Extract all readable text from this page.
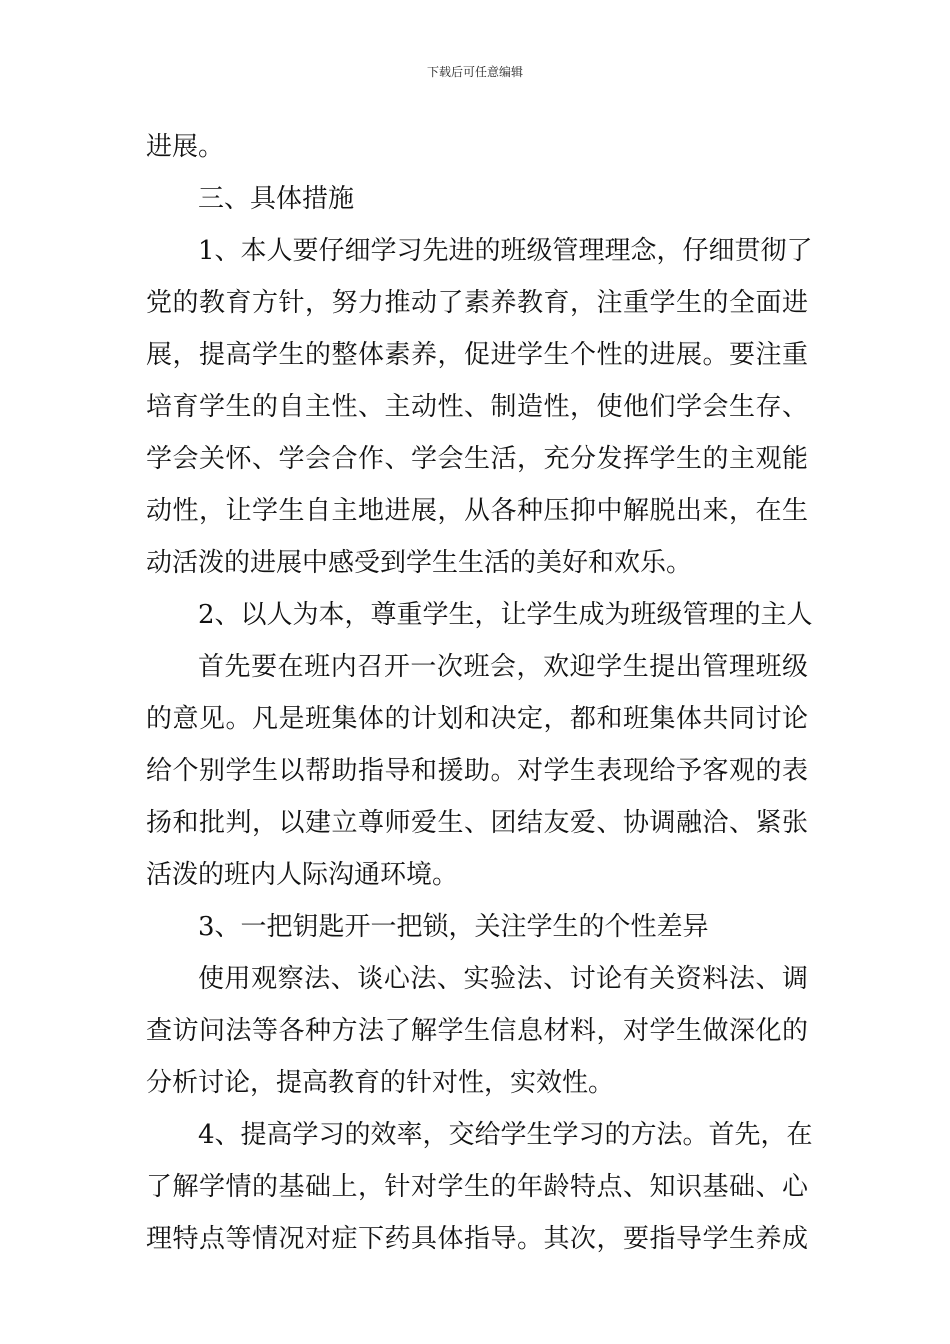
下载后可任意编辑
进展。
三、具体措施
1、本人要仔细学习先进的班级管理理念，仔细贯彻了
党的教育方针，努力推动了素养教育，注重学生的全面进
展，提高学生的整体素养，促进学生个性的进展。要注重
培育学生的自主性、主动性、制造性，使他们学会生存、
学会关怀、学会合作、学会生活，充分发挥学生的主观能
动性，让学生自主地进展，从各种压抑中解脱出来，在生
动活泼的进展中感受到学生生活的美好和欢乐。
2、以人为本，尊重学生，让学生成为班级管理的主人
首先要在班内召开一次班会，欢迎学生提出管理班级
的意见。凡是班集体的计划和决定，都和班集体共同讨论
给个别学生以帮助指导和援助。对学生表现给予客观的表
扬和批判，以建立尊师爱生、团结友爱、协调融洽、紧张
活泼的班内人际沟通环境。
3、一把钥匙开一把锁，关注学生的个性差异
使用观察法、谈心法、实验法、讨论有关资料法、调
查访问法等各种方法了解学生信息材料，对学生做深化的
分析讨论，提高教育的针对性，实效性。
4、提高学习的效率，交给学生学习的方法。首先，在
了解学情的基础上，针对学生的年龄特点、知识基础、心
理特点等情况对症下药具体指导。其次，要指导学生养成
